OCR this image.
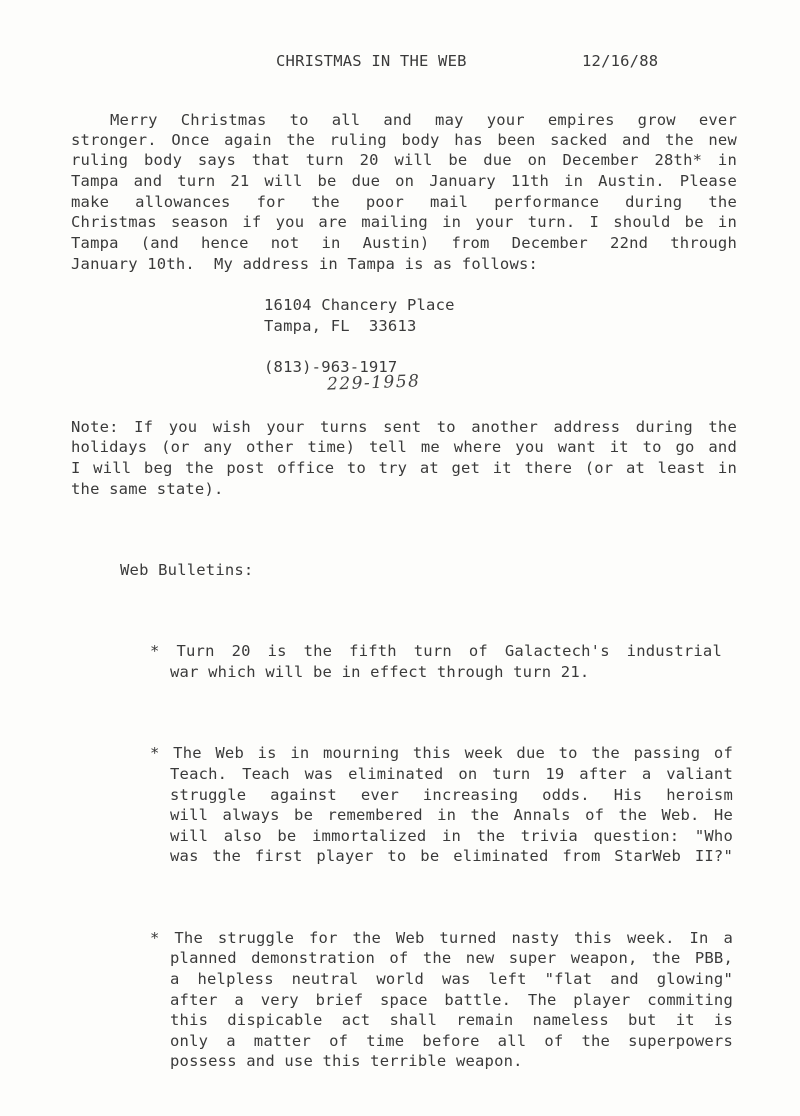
CHRISTMAS IN THE WEB	12/16/88
Merry Christmas to all and may your empires grow ever
stronger. Once again the ruling body has been sacked and the new
ruling body says that turn 20 will be due on December 28th* in
Tampa and turn 21 will be due on January 11th in Austin. Please
make allowances for the poor mail performance during the
Christmas season if you are mailing in your turn. I should be in
Tampa (and hence not in Austin) from December 22nd through
January 10th.  My address in Tampa is as follows:
16104 Chancery Place
Tampa, FL  33613
(813)-963-1917
229-1958
Note: If you wish your turns sent to another address during the
holidays (or any other time) tell me where you want it to go and
I will beg the post office to try at get it there (or at least in
the same state).
Web Bulletins:
* Turn 20 is the fifth turn of Galactech's industrial
war which will be in effect through turn 21.
* The Web is in mourning this week due to the passing of
Teach. Teach was eliminated on turn 19 after a valiant
struggle against ever increasing odds. His heroism
will always be remembered in the Annals of the Web. He
will also be immortalized in the trivia question: "Who
was the first player to be eliminated from StarWeb II?"
* The struggle for the Web turned nasty this week. In a
planned demonstration of the new super weapon, the PBB,
a helpless neutral world was left "flat and glowing"
after a very brief space battle. The player commiting
this dispicable act shall remain nameless but it is
only a matter of time before all of the superpowers
possess and use this terrible weapon.
